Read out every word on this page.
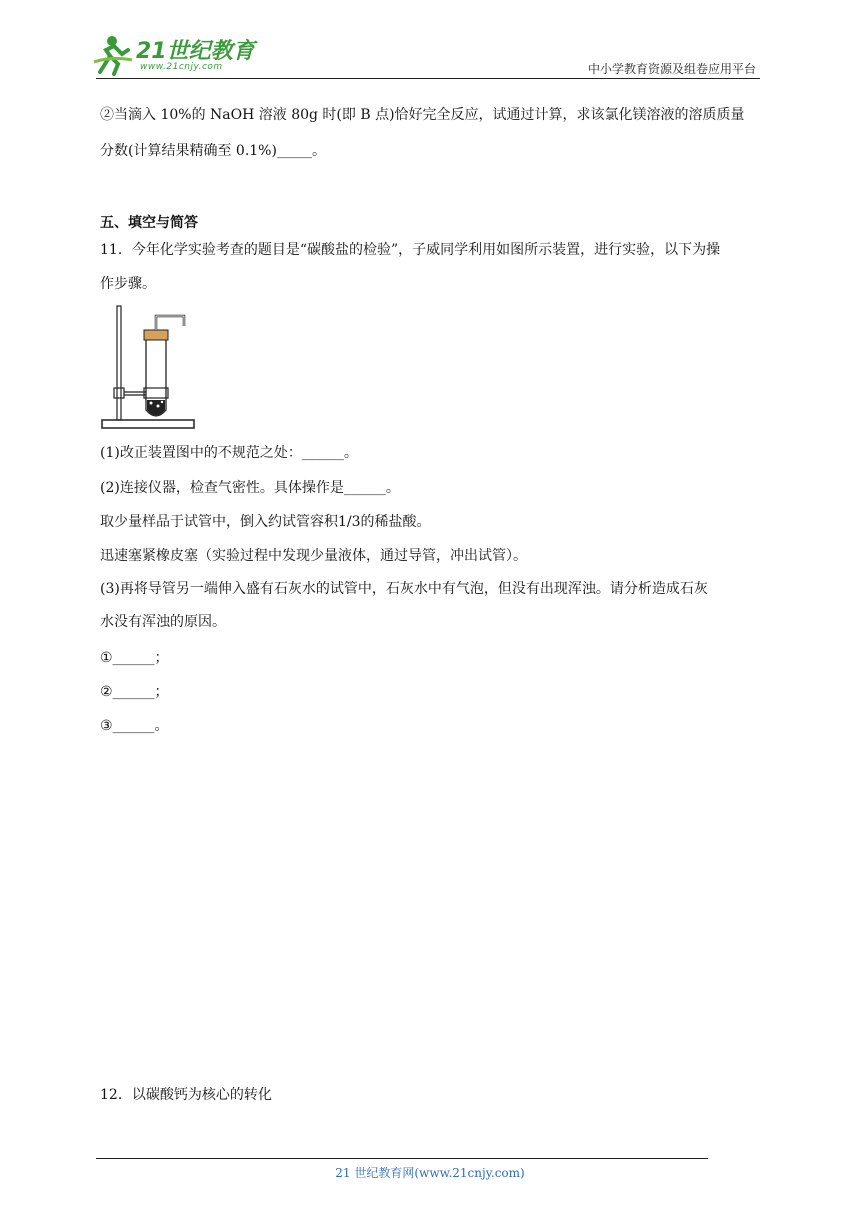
21世纪教育
www.21cnjy.com	中小学教育资源及组卷应用平台
②当滴入 10%的 NaOH 溶液 80g 时(即 B 点)恰好完全反应，试通过计算，求该氯化镁溶液的溶质质量
分数(计算结果精确至 0.1%)_____。
五、填空与简答
11．今年化学实验考查的题目是“碳酸盐的检验”，子威同学利用如图所示装置，进行实验，以下为操
作步骤。
(1)改正装置图中的不规范之处：______。
(2)连接仪器，检查气密性。具体操作是______。
取少量样品于试管中，倒入约试管容积1/3的稀盐酸。
迅速塞紧橡皮塞（实验过程中发现少量液体，通过导管，冲出试管）。
(3)再将导管另一端伸入盛有石灰水的试管中，石灰水中有气泡，但没有出现浑浊。请分析造成石灰
水没有浑浊的原因。
①______；
②______；
③______。
12．以碳酸钙为核心的转化
21 世纪教育网(www.21cnjy.com)
